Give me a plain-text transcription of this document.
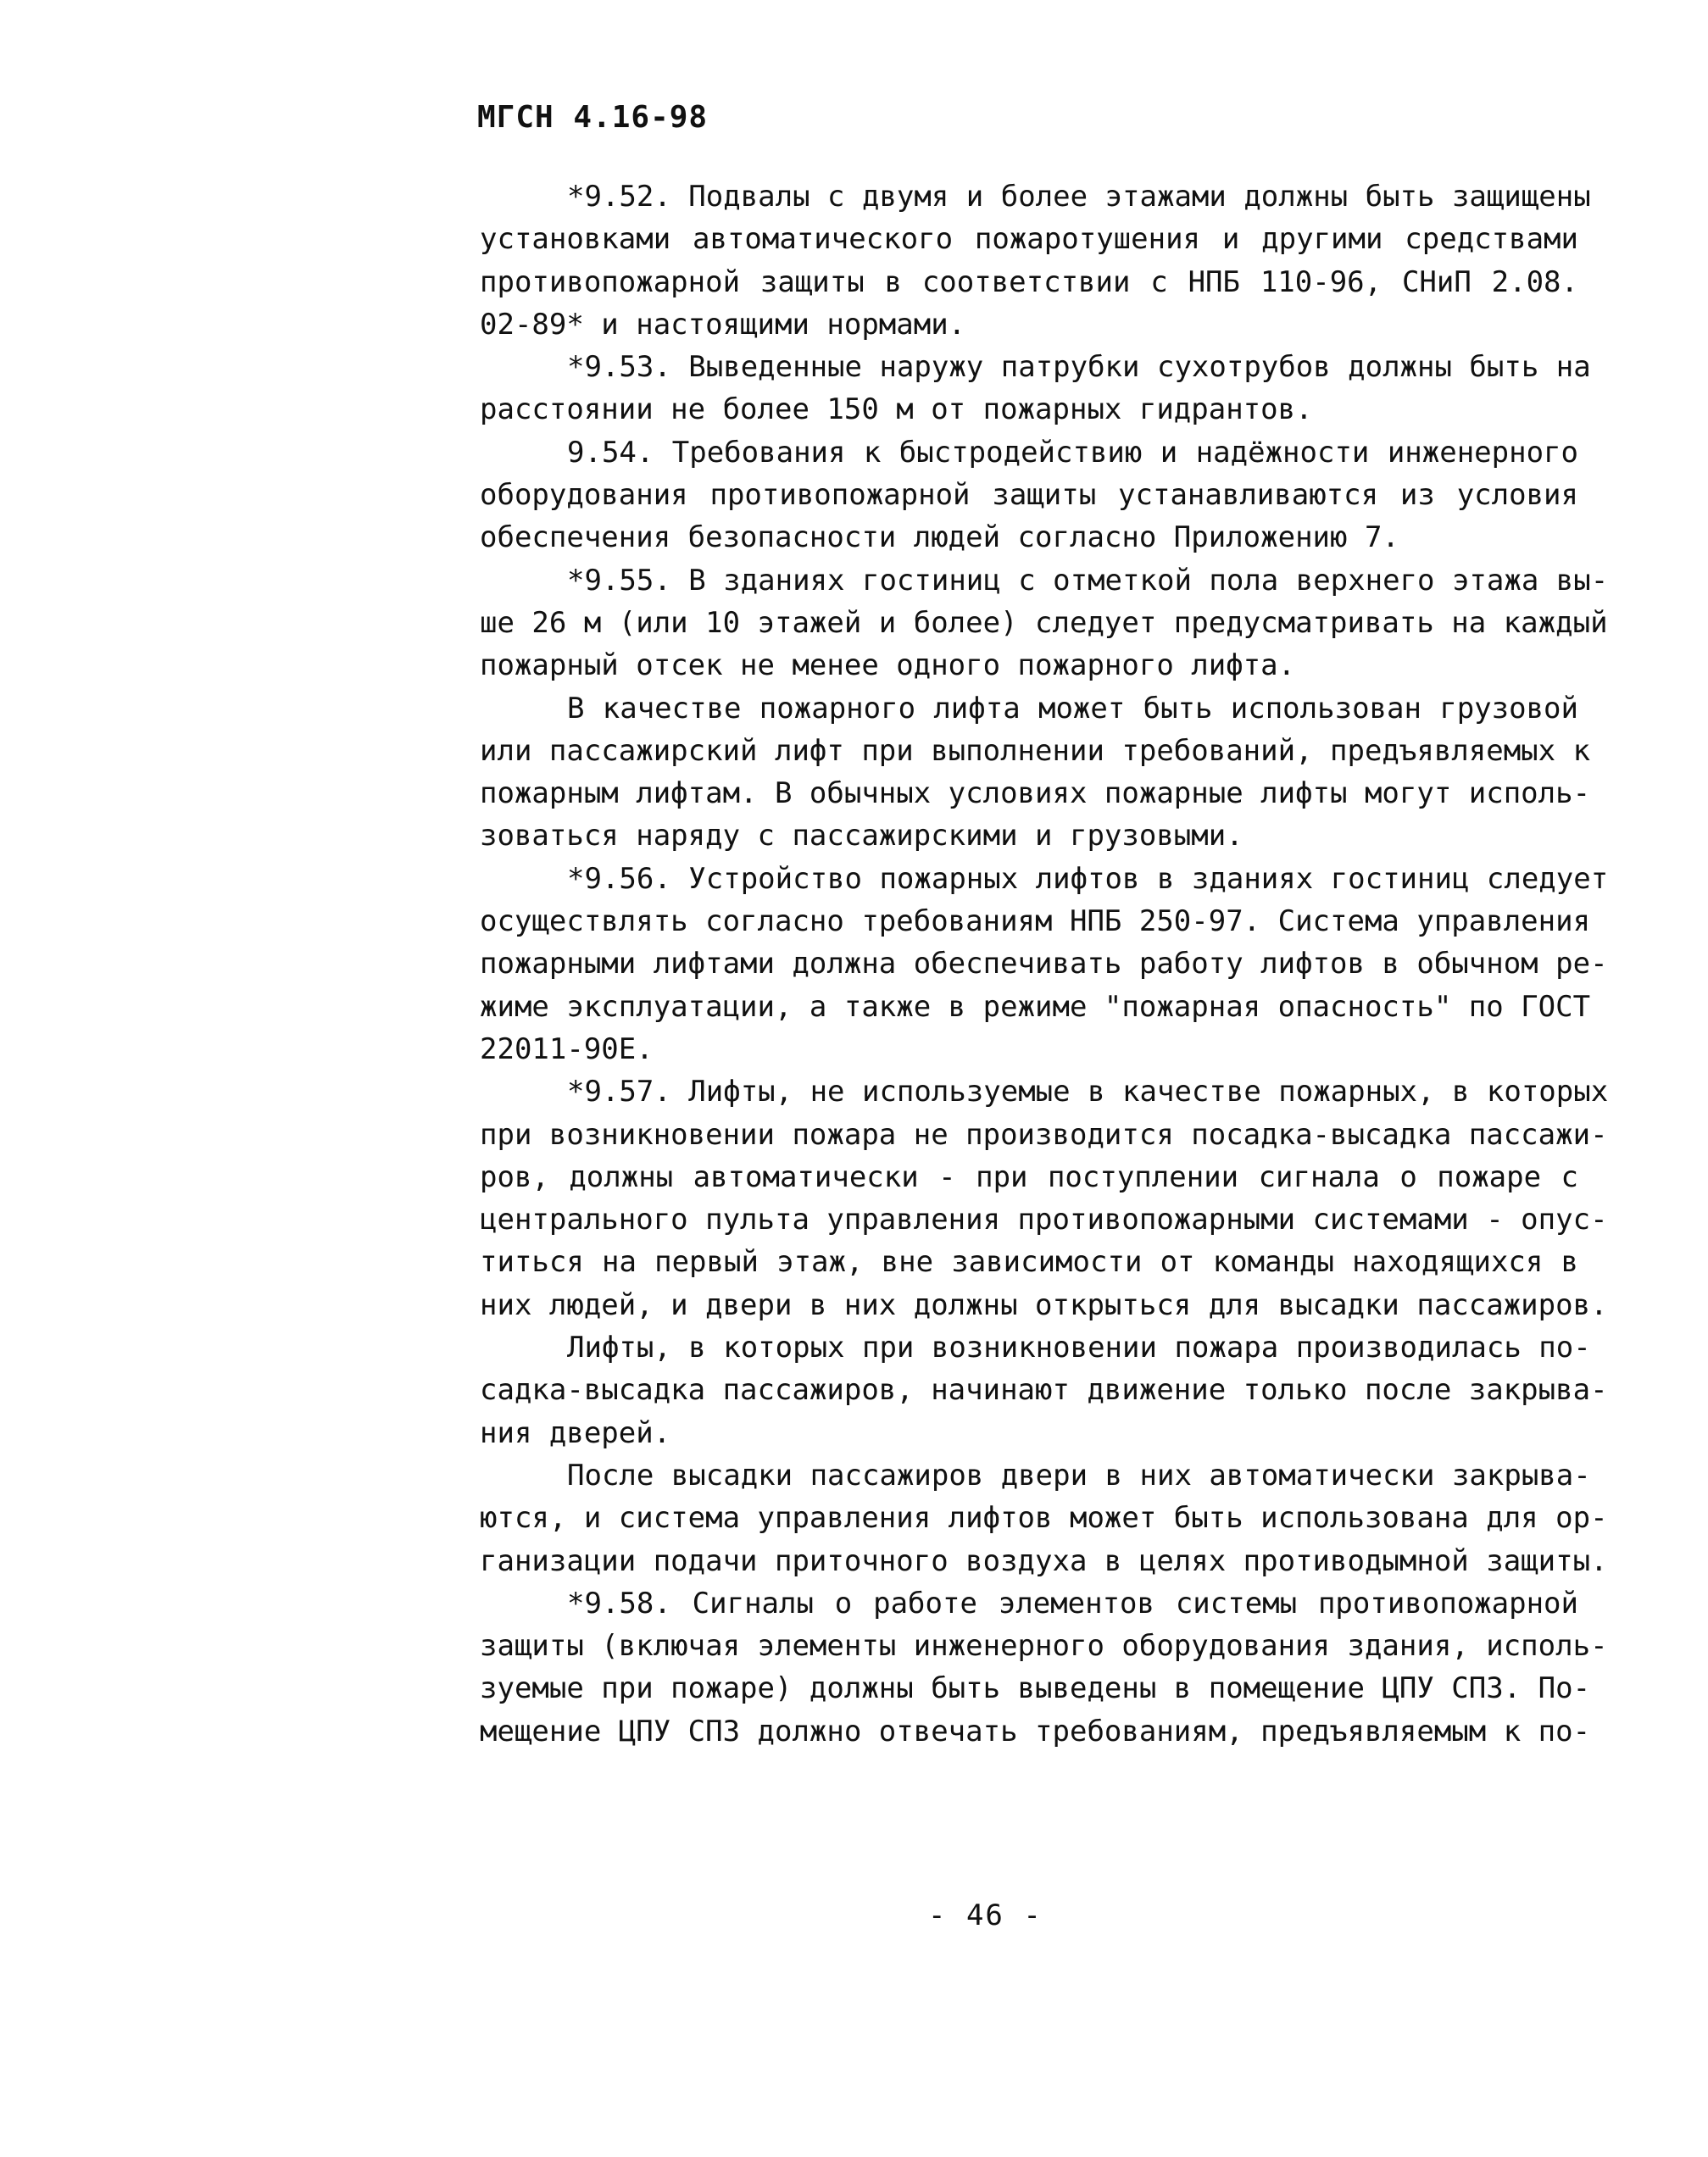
МГСН 4.16-98
*9.52. Подвалы с двумя и более этажами должны быть защищены
установками автоматического пожаротушения и другими средствами
противопожарной защиты в соответствии с НПБ 110-96, СНиП 2.08.
02-89* и настоящими нормами.
*9.53. Выведенные наружу патрубки сухотрубов должны быть на
расстоянии не более 150 м от пожарных гидрантов.
9.54. Требования к быстродействию и надёжности инженерного
оборудования противопожарной защиты устанавливаются из условия
обеспечения безопасности людей согласно Приложению 7.
*9.55. В зданиях гостиниц с отметкой пола верхнего этажа вы-
ше 26 м (или 10 этажей и более) следует предусматривать на каждый
пожарный отсек не менее одного пожарного лифта.
В качестве пожарного лифта может быть использован грузовой
или пассажирский лифт при выполнении требований, предъявляемых к
пожарным лифтам. В обычных условиях пожарные лифты могут исполь-
зоваться наряду с пассажирскими и грузовыми.
*9.56. Устройство пожарных лифтов в зданиях гостиниц следует
осуществлять согласно требованиям НПБ 250-97. Система управления
пожарными лифтами должна обеспечивать работу лифтов в обычном ре-
жиме эксплуатации, а также в режиме "пожарная опасность" по ГОСТ
22011-90Е.
*9.57. Лифты, не используемые в качестве пожарных, в которых
при возникновении пожара не производится посадка-высадка пассажи-
ров, должны автоматически - при поступлении сигнала о пожаре с
центрального пульта управления противопожарными системами - опус-
титься на первый этаж, вне зависимости от команды находящихся в
них людей, и двери в них должны открыться для высадки пассажиров.
Лифты, в которых при возникновении пожара производилась по-
садка-высадка пассажиров, начинают движение только после закрыва-
ния дверей.
После высадки пассажиров двери в них автоматически закрыва-
ются, и система управления лифтов может быть использована для ор-
ганизации подачи приточного воздуха в целях противодымной защиты.
*9.58. Сигналы о работе элементов системы противопожарной
защиты (включая элементы инженерного оборудования здания, исполь-
зуемые при пожаре) должны быть выведены в помещение ЦПУ СПЗ. По-
мещение ЦПУ СПЗ должно отвечать требованиям, предъявляемым к по-
- 46 -
